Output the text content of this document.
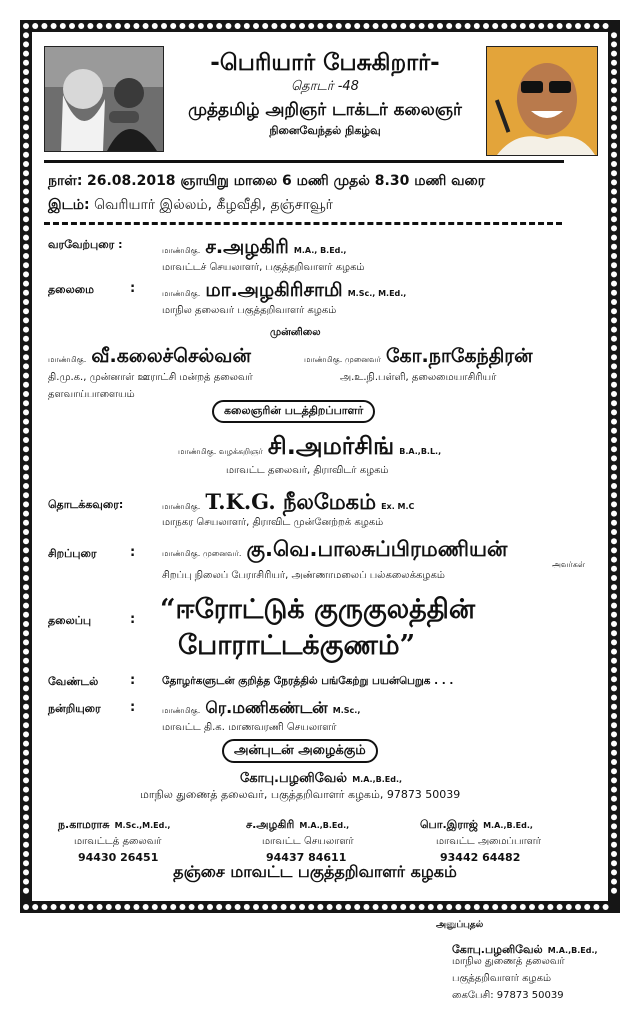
-பெரியார் பேசுகிறார்-
தொடர் -48
முத்தமிழ் அறிஞர் டாக்டர் கலைஞர்
நினைவேந்தல் நிகழ்வு
நாள்: 26.08.2018 ஞாயிறு மாலை 6 மணி முதல் 8.30 மணி வரை
இடம்: வெரியார் இல்லம், கீழவீதி, தஞ்சாவூர்
வரவேற்புரை :	மாண்மிகு. ச.அழகிரி M.A., B.Ed.,
மாவட்டச் செயலாளர், பகுத்தறிவாளர் கழகம்
தலைமை	:	மாண்மிகு. மா.அழகிரிசாமி M.Sc., M.Ed.,
மாநில தலைவர் பகுத்தறிவாளர் கழகம்
முன்னிலை
மாண்மிகு. வீ.கலைச்செல்வன்
தி.மு.க., முன்னாள் ஊராட்சி மன்றத் தலைவர்
தளவாய்பாளையம்
மாண்மிகு. முனைவர் கோ.நாகேந்திரன்
அ.உ.நி.பள்ளி, தலைமையாசிரியர்
கலைஞரின் படத்திறப்பாளர்
மாண்மிகு. வழக்கறிஞர் சி.அமர்சிங் B.A.,B.L.,
மாவட்ட தலைவர், திராவிடர் கழகம்
தொடக்கவுரை:	மாண்மிகு. T.K.G. நீலமேகம் Ex. M.C
மாநகர செயலாளர், திராவிட முன்னேற்றக் கழகம்
சிறப்புரை	:	மாண்மிகு. முனைவர். கு.வெ.பாலசுப்பிரமணியன்
அவர்கள்
சிறப்பு நிலைப் பேராசிரியர், அண்ணாமலைப் பல்கலைக்கழகம்
தலைப்பு	: “ஈரோட்டுக் குருகுலத்தின்
போராட்டக்குணம்”
வேண்டல் :	தோழர்களுடன் குறித்த நேரத்தில் பங்கேற்று பயன்பெறுக . . .
நன்றியுரை :	மாண்மிகு. ரெ.மணிகண்டன் M.Sc.,
மாவட்ட தி.க. மாணவரணி செயலாளர்
அன்புடன் அழைக்கும்
கோபு.பழனிவேல் M.A.,B.Ed.,
மாநில துணைத் தலைவர், பகுத்தறிவாளர் கழகம், 97873 50039
ந.காமராசு M.Sc.,M.Ed.,
மாவட்டத் தலைவர்
94430 26451
ச.அழகிரி M.A.,B.Ed.,
மாவட்ட செயலாளர்
94437 84611
பொ.இராஜ் M.A.,B.Ed.,
மாவட்ட அமைப்பாளர்
93442 64482
தஞ்சை மாவட்ட பகுத்தறிவாளர் கழகம்
அனுப்புதல்
கோபு.பழனிவேல் M.A.,B.Ed.,
மாநில துணைத் தலைவர்
பகுத்தறிவாளர் கழகம்
கைபேசி: 97873 50039
